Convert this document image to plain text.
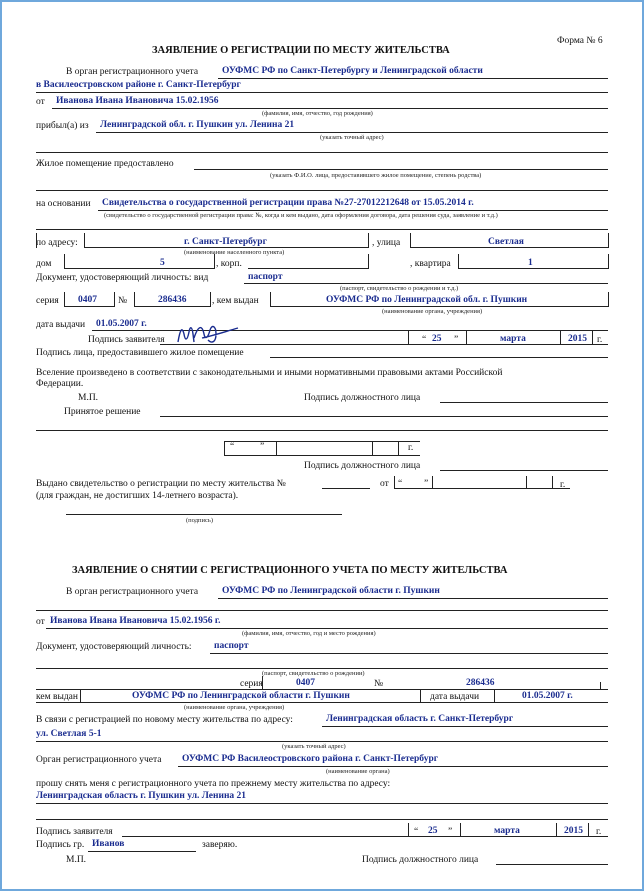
Форма № 6
ЗАЯВЛЕНИЕ О РЕГИСТРАЦИИ ПО МЕСТУ ЖИТЕЛЬСТВА
В орган регистрационного учета	ОУФМС РФ по Санкт-Петербургу и Ленинградской области
в Василеостровском районе г. Санкт-Петербург
от Иванова Ивана Ивановича 15.02.1956
(фамилия, имя, отчество, год рождения)
прибыл(а) из Ленинградской обл. г. Пушкин ул. Ленина 21
(указать точный адрес)
Жилое помещение предоставлено
(указать Ф.И.О. лица, предоставившего жилое помещение, степень родства)
на основании Свидетельства о государственной регистрации права №27-27012212648 от 15.05.2014 г.
(свидетельство о государственной регистрации права: №, когда и кем выдано, дата оформления договора, дата решения суда, заявление и т.д.)
по адресу:	г. Санкт-Петербург
(наименование населенного пункта)
, улица	Светлая
дом	5	, корп.	, квартира	1
Документ, удостоверяющий личность: вид	паспорт
(паспорт, свидетельство о рождении и т.д.)
серия 0407 №	286436	, кем выдан	ОУФМС РФ по Ленинградской обл. г. Пушкин
(наименование органа, учреждения)
дата выдачи 01.05.2007 г.
Подпись заявителя	“ 25 ”	марта	2015 г.
Подпись лица, предоставившего жилое помещение
Вселение произведено в соответствии с законодательными и иными нормативными правовыми актами Российской
Федерации.
М.П.	Подпись должностного лица
Принятое решение
“	”	г.
Подпись должностного лица
Выдано свидетельство о регистрации по месту жительства №	от “ ”	г.
(для граждан, не достигших 14-летнего возраста).
(подпись)
ЗАЯВЛЕНИЕ О СНЯТИИ С РЕГИСТРАЦИОННОГО УЧЕТА ПО МЕСТУ ЖИТЕЛЬСТВА
В орган регистрационного учета	ОУФМС РФ по Ленинградской области г. Пушкин
от Иванова Ивана Ивановича 15.02.1956 г.
(фамилия, имя, отчество, год и место рождения)
Документ, удостоверяющий личность: паспорт
(паспорт, свидетельство о рождении)
серия	0407	№	286436
кем выдан	ОУФМС РФ по Ленинградской области г. Пушкин	дата выдачи	01.05.2007 г.
(наименование органа, учреждения)
В связи с регистрацией по новому месту жительства по адресу:	Ленинградская область г. Санкт-Петербург
ул. Светлая 5-1
(указать точный адрес)
Орган регистрационного учета ОУФМС РФ Василеостровского района г. Санкт-Петербург
(наименование органа)
прошу снять меня с регистрационного учета по прежнему месту жительства по адресу:
Ленинградская область г. Пушкин ул. Ленина 21
Подпись заявителя	“ 25 ”	марта	2015 г.
Подпись гр. Иванов	заверяю.
М.П.	Подпись должностного лица
